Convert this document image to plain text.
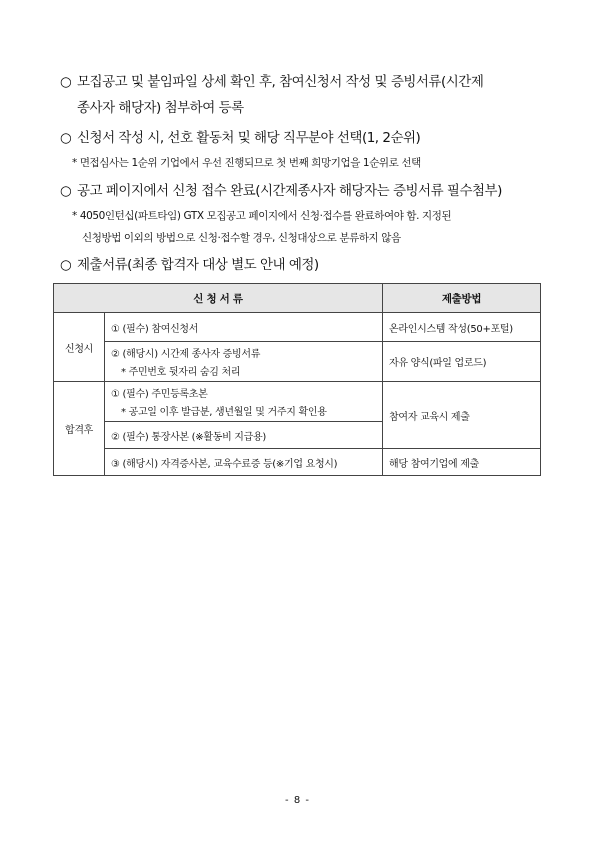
○ 모집공고 및 붙임파일 상세 확인 후, 참여신청서 작성 및 증빙서류(시간제
종사자 해당자) 첨부하여 등록
○ 신청서 작성 시, 선호 활동처 및 해당 직무분야 선택(1, 2순위)
* 면접심사는 1순위 기업에서 우선 진행되므로 첫 번째 희망기업을 1순위로 선택
○ 공고 페이지에서 신청 접수 완료(시간제종사자 해당자는 증빙서류 필수첨부)
* 4050인턴십(파트타임) GTX 모집공고 페이지에서 신청·접수를 완료하여야 함. 지정된
신청방법 이외의 방법으로 신청·접수할 경우, 신청대상으로 분류하지 않음
○ 제출서류(최종 합격자 대상 별도 안내 예정)
신 청 서 류		제출방법
신청시	① (필수) 참여신청서	온라인시스템 작성(50+포털)
	② (해당시) 시간제 종사자 증빙서류
* 주민번호 뒷자리 숨김 처리	자유 양식(파일 업로드)
합격후	① (필수) 주민등록초본
* 공고일 이후 발급분, 생년월일 및 거주지 확인용	참여자 교육시 제출
	② (필수) 통장사본 (※활동비 지급용)	
	③ (해당시) 자격증사본, 교육수료증 등(※기업 요청시)	해당 참여기업에 제출
- 8 -
